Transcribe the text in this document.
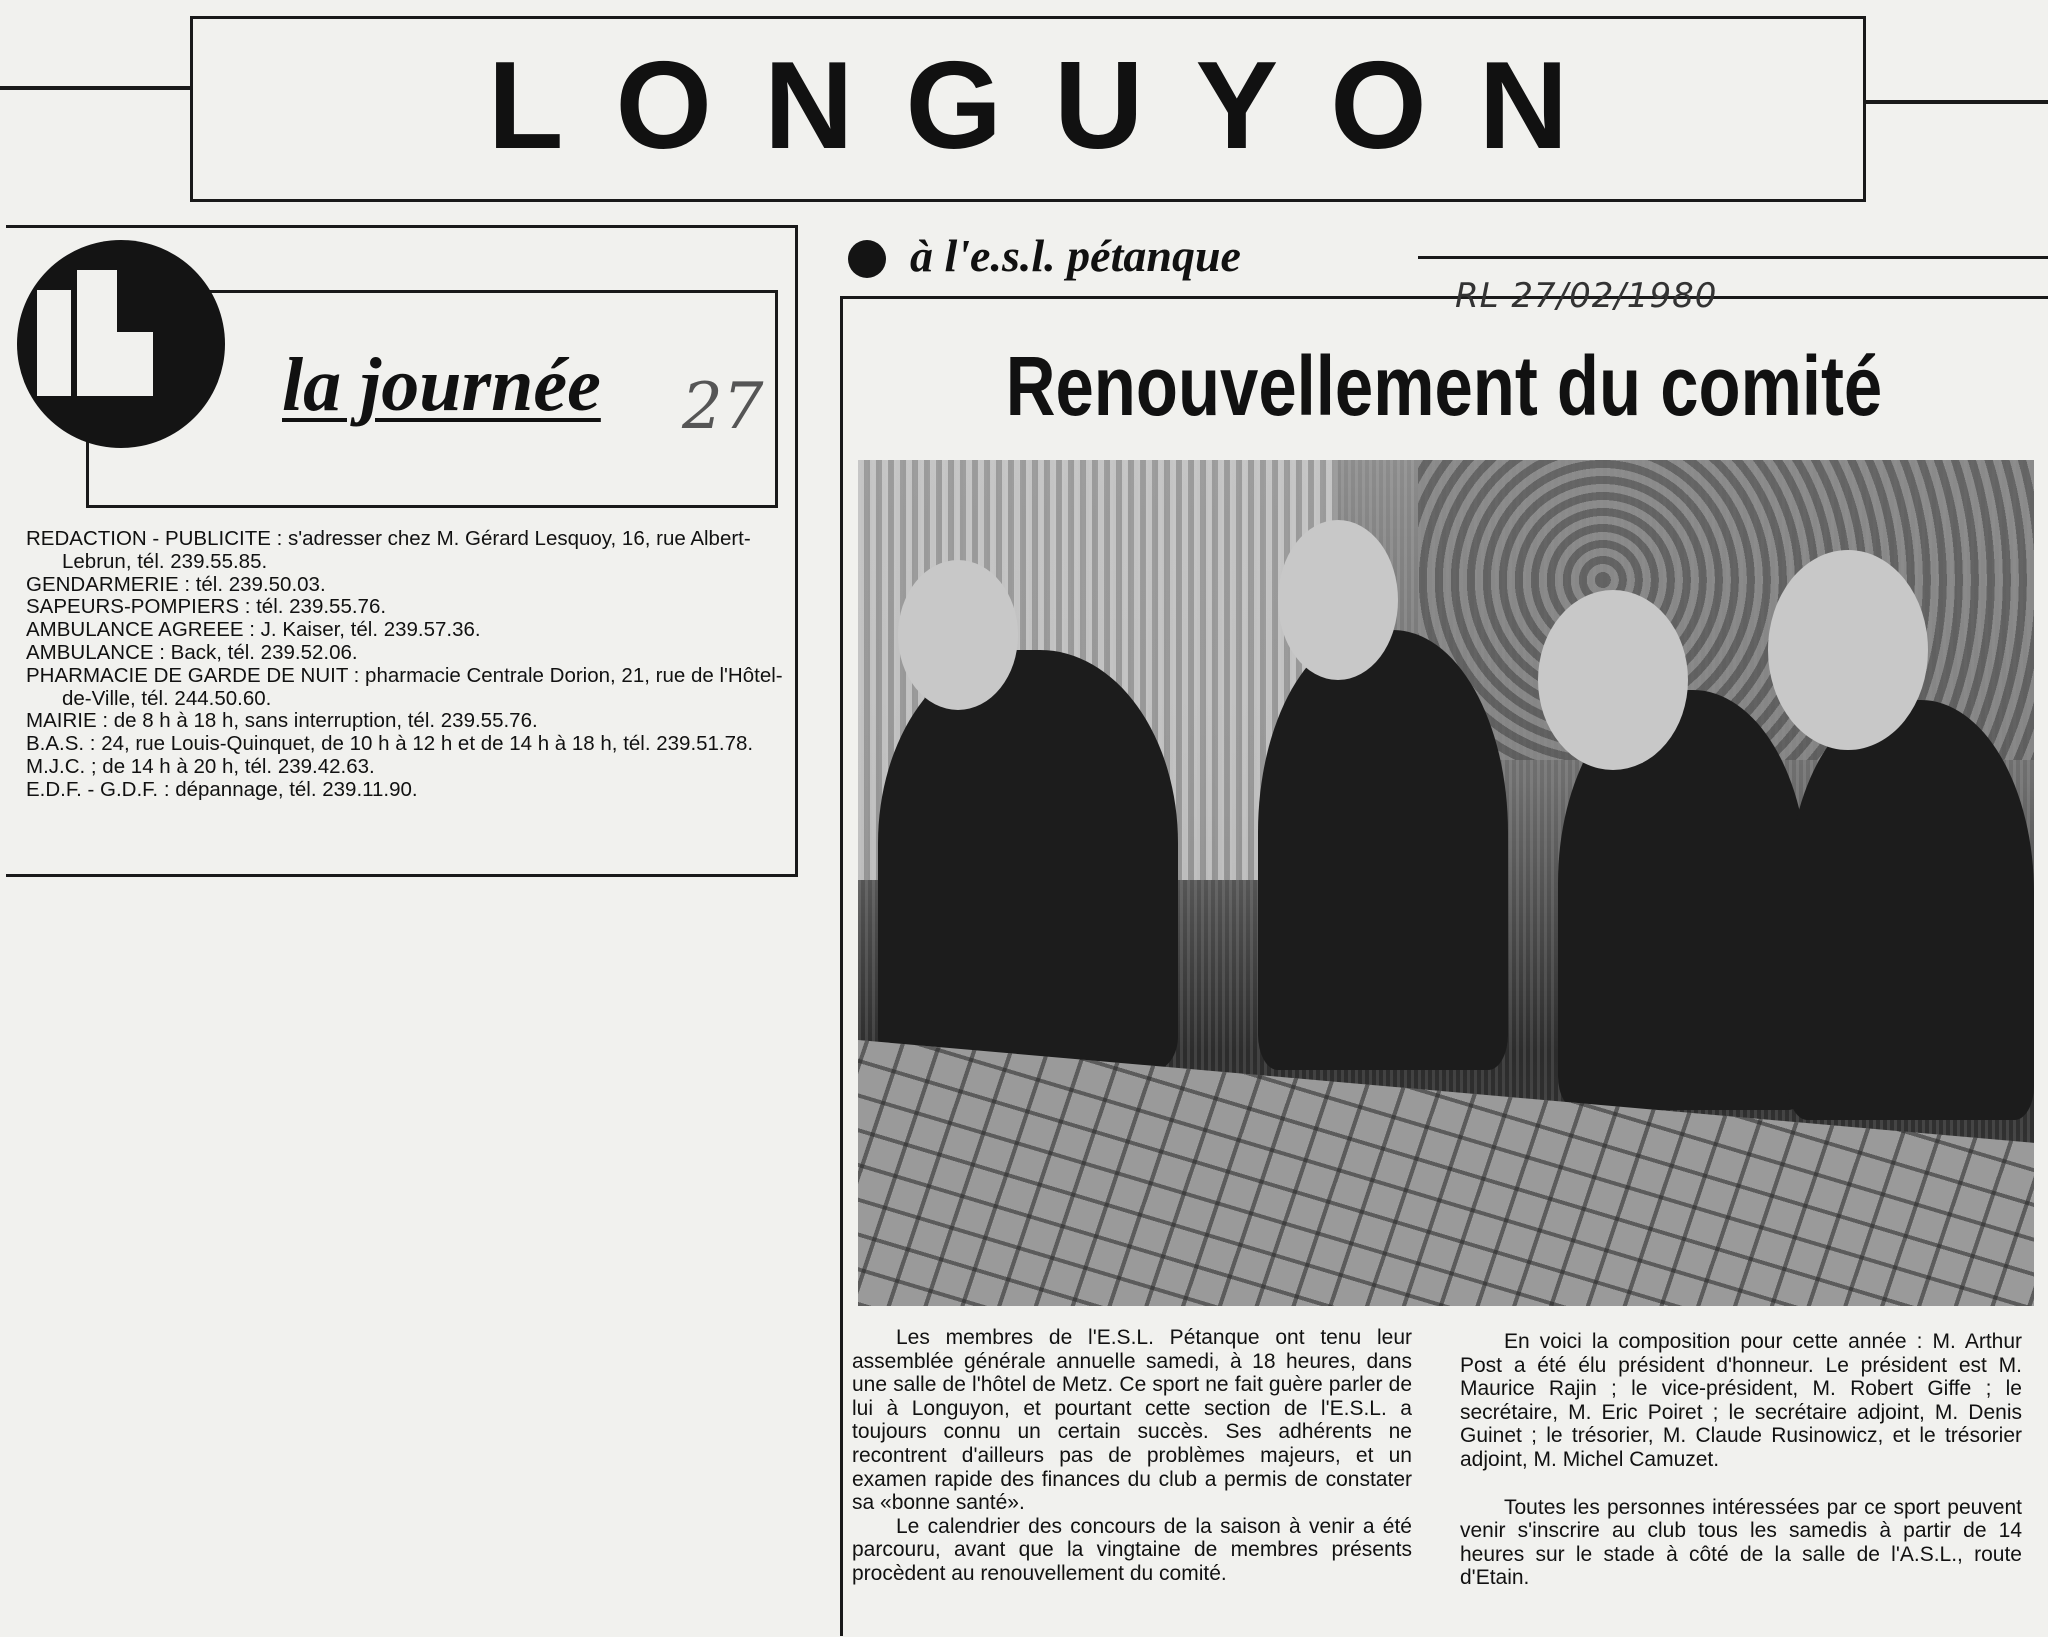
LONGUYON
la journée 27
REDACTION - PUBLICITE : s'adresser chez M. Gérard Lesquoy, 16, rue Albert-Lebrun, tél. 239.55.85.
GENDARMERIE : tél. 239.50.03.
SAPEURS-POMPIERS : tél. 239.55.76.
AMBULANCE AGREEE : J. Kaiser, tél. 239.57.36.
AMBULANCE : Back, tél. 239.52.06.
PHARMACIE DE GARDE DE NUIT : pharmacie Centrale Dorion, 21, rue de l'Hôtel-de-Ville, tél. 244.50.60.
MAIRIE : de 8 h à 18 h, sans interruption, tél. 239.55.76.
B.A.S. : 24, rue Louis-Quinquet, de 10 h à 12 h et de 14 h à 18 h, tél. 239.51.78.
M.J.C. ; de 14 h à 20 h, tél. 239.42.63.
E.D.F. - G.D.F. : dépannage, tél. 239.11.90.
à l'e.s.l. pétanque
RL 27/02/1980
Renouvellement du comité

Les membres de l'E.S.L. Pétanque ont tenu leur assemblée générale annuelle samedi, à 18 heures, dans une salle de l'hôtel de Metz. Ce sport ne fait guère parler de lui à Longuyon, et pourtant cette section de l'E.S.L. a toujours connu un certain succès. Ses adhérents ne recontrent d'ailleurs pas de problèmes majeurs, et un examen rapide des finances du club a permis de constater sa «bonne santé».

Le calendrier des concours de la saison à venir a été parcouru, avant que la vingtaine de membres présents procèdent au renouvellement du comité.

En voici la composition pour cette année : M. Arthur Post a été élu président d'honneur. Le président est M. Maurice Rajin ; le vice-président, M. Robert Giffe ; le secrétaire, M. Eric Poiret ; le secrétaire adjoint, M. Denis Guinet ; le trésorier, M. Claude Rusinowicz, et le trésorier adjoint, M. Michel Camuzet.

Toutes les personnes intéressées par ce sport peuvent venir s'inscrire au club tous les samedis à partir de 14 heures sur le stade à côté de la salle de l'A.S.L., route d'Etain.
